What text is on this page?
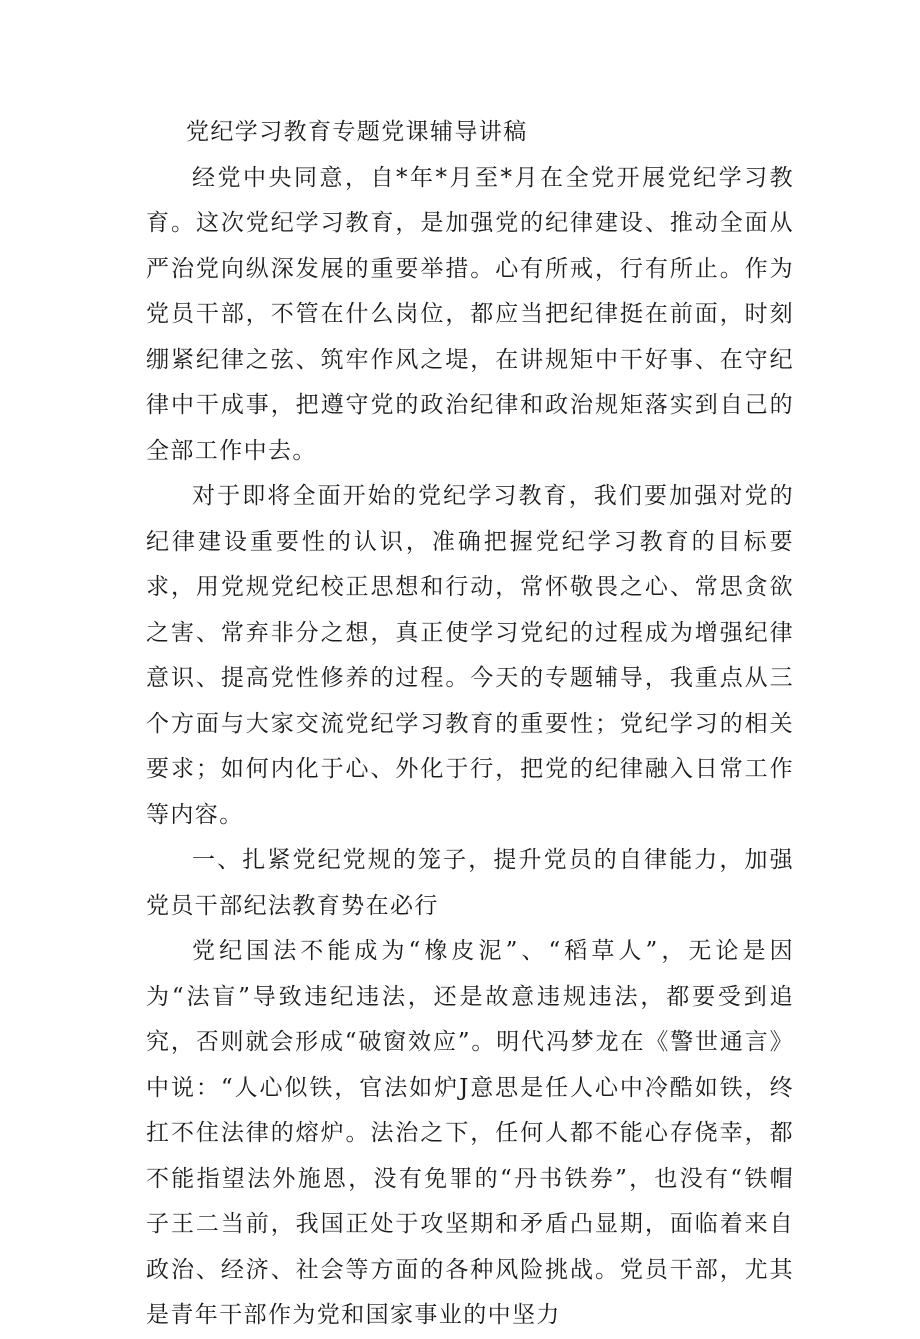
党纪学习教育专题党课辅导讲稿

经党中央同意，自*年*月至*月在全党开展党纪学习教育。这次党纪学习教育，是加强党的纪律建设、推动全面从严治党向纵深发展的重要举措。心有所戒，行有所止。作为党员干部，不管在什么岗位，都应当把纪律挺在前面，时刻绷紧纪律之弦、筑牢作风之堤，在讲规矩中干好事、在守纪律中干成事，把遵守党的政治纪律和政治规矩落实到自己的全部工作中去。

对于即将全面开始的党纪学习教育，我们要加强对党的纪律建设重要性的认识，准确把握党纪学习教育的目标要求，用党规党纪校正思想和行动，常怀敬畏之心、常思贪欲之害、常弃非分之想，真正使学习党纪的过程成为增强纪律意识、提高党性修养的过程。今天的专题辅导，我重点从三个方面与大家交流党纪学习教育的重要性；党纪学习的相关要求；如何内化于心、外化于行，把党的纪律融入日常工作等内容。

一、扎紧党纪党规的笼子，提升党员的自律能力，加强党员干部纪法教育势在必行

党纪国法不能成为“橡皮泥”、“稻草人”，无论是因为“法盲”导致违纪违法，还是故意违规违法，都要受到追究，否则就会形成“破窗效应”。明代冯梦龙在《警世通言》中说：“人心似铁，官法如炉J意思是任人心中冷酷如铁，终扛不住法律的熔炉。法治之下，任何人都不能心存侥幸，都不能指望法外施恩，没有免罪的“丹书铁券”，也没有“铁帽子王二当前，我国正处于攻坚期和矛盾凸显期，面临着来自政治、经济、社会等方面的各种风险挑战。党员干部，尤其是青年干部作为党和国家事业的中坚力
